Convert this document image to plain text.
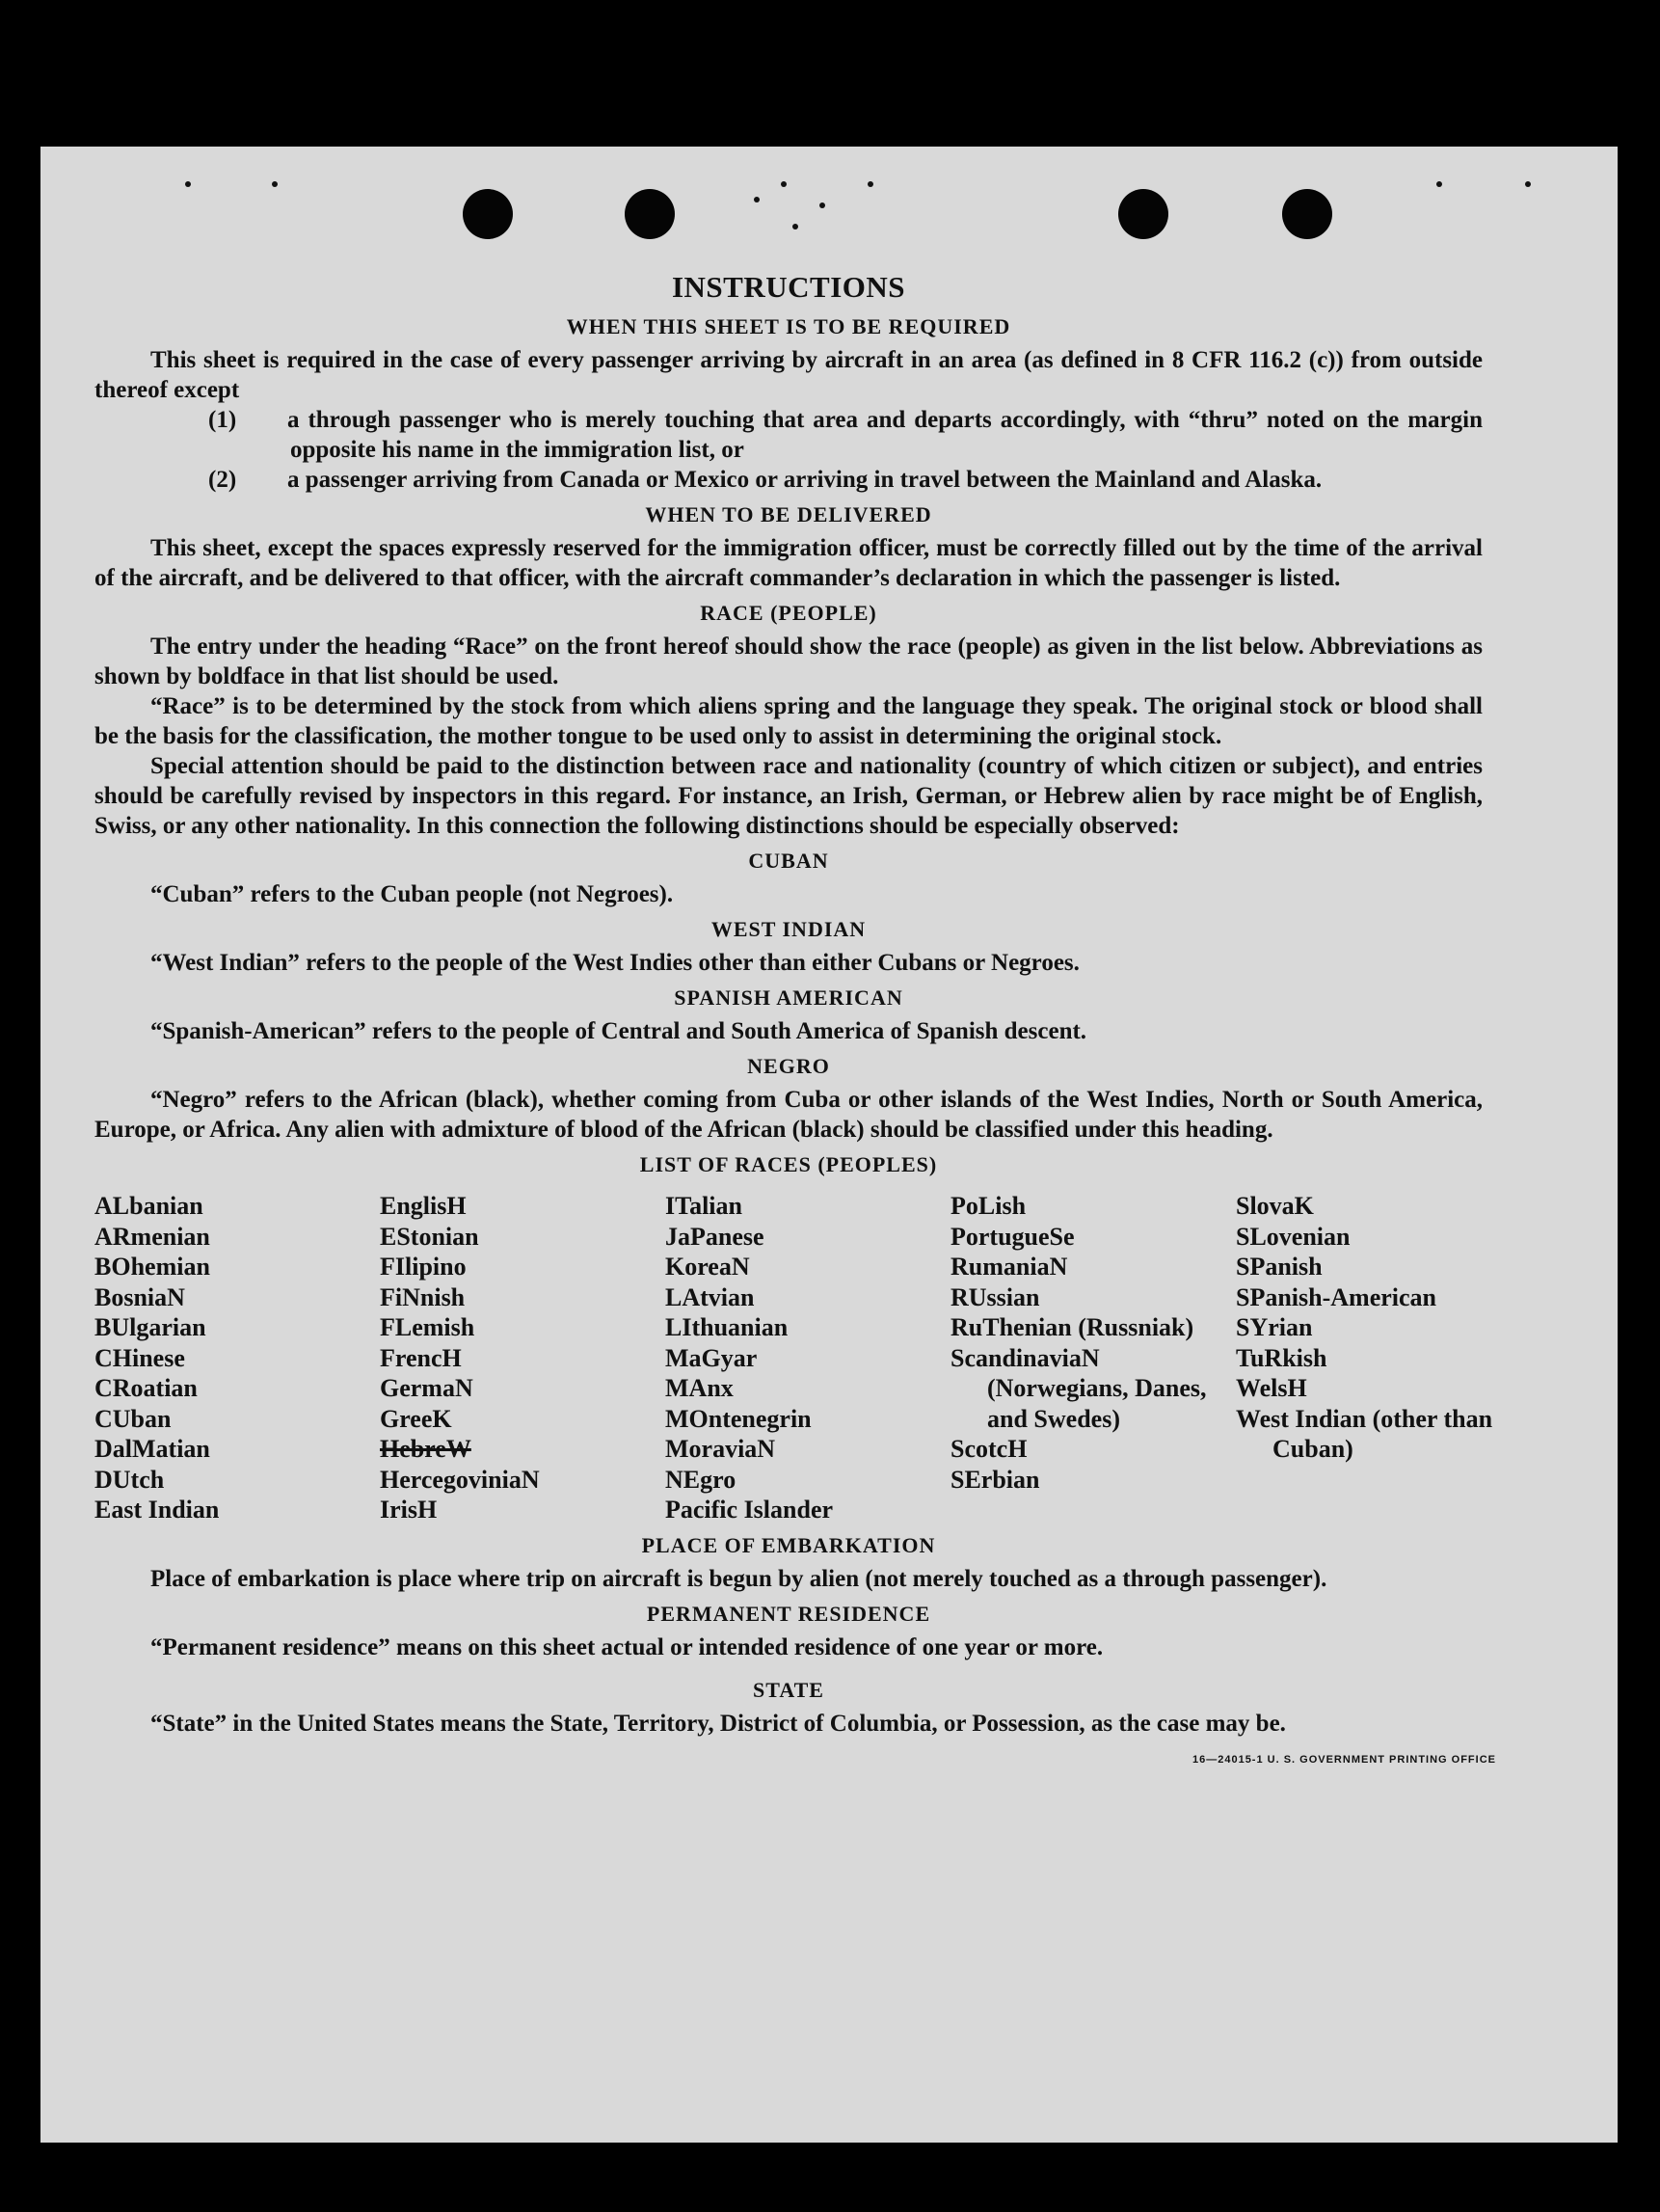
INSTRUCTIONS
WHEN THIS SHEET IS TO BE REQUIRED

This sheet is required in the case of every passenger arriving by aircraft in an area (as defined in 8 CFR 116.2 (c)) from outside thereof except

(1) a through passenger who is merely touching that area and departs accordingly, with “thru” noted on the margin opposite his name in the immigration list, or
(2) a passenger arriving from Canada or Mexico or arriving in travel between the Mainland and Alaska.
WHEN TO BE DELIVERED

This sheet, except the spaces expressly reserved for the immigration officer, must be correctly filled out by the time of the arrival of the aircraft, and be delivered to that officer, with the aircraft commander’s declaration in which the passenger is listed.

RACE (PEOPLE)

The entry under the heading “Race” on the front hereof should show the race (people) as given in the list below. Abbreviations as shown by boldface in that list should be used.

“Race” is to be determined by the stock from which aliens spring and the language they speak. The original stock or blood shall be the basis for the classification, the mother tongue to be used only to assist in determining the original stock.

Special attention should be paid to the distinction between race and nationality (country of which citizen or subject), and entries should be carefully revised by inspectors in this regard. For instance, an Irish, German, or Hebrew alien by race might be of English, Swiss, or any other nationality. In this connection the following distinctions should be especially observed:

CUBAN

“Cuban” refers to the Cuban people (not Negroes).

WEST INDIAN

“West Indian” refers to the people of the West Indies other than either Cubans or Negroes.

SPANISH AMERICAN

“Spanish-American” refers to the people of Central and South America of Spanish descent.

NEGRO

“Negro” refers to the African (black), whether coming from Cuba or other islands of the West Indies, North or South America, Europe, or Africa. Any alien with admixture of blood of the African (black) should be classified under this heading.

LIST OF RACES (PEOPLES)
ALbanian
ARmenian
BOhemian
BosniaN
BUlgarian
CHinese
CRoatian
CUban
DalMatian
DUtch
East Indian
EnglisH
EStonian
FIlipino
FiNnish
FLemish
FrencH
GermaN
GreeK
HebreW
HercegoviniaN
IrisH
ITalian
JaPanese
KoreaN
LAtvian
LIthuanian
MaGyar
MAnx
MOntenegrin
MoraviaN
NEgro
Pacific Islander
PoLish
PortugueSe
RumaniaN
RUssian
RuThenian (Russniak)
ScandinaviaN (Norwegians, Danes, and Swedes)
ScotcH
SErbian
SlovaK
SLovenian
SPanish
SPanish-American
SYrian
TuRkish
WelsH
West Indian (other than Cuban)
PLACE OF EMBARKATION

Place of embarkation is place where trip on aircraft is begun by alien (not merely touched as a through passenger).

PERMANENT RESIDENCE

“Permanent residence” means on this sheet actual or intended residence of one year or more.

STATE

“State” in the United States means the State, Territory, District of Columbia, or Possession, as the case may be.

16—24015-1 U. S. GOVERNMENT PRINTING OFFICE
